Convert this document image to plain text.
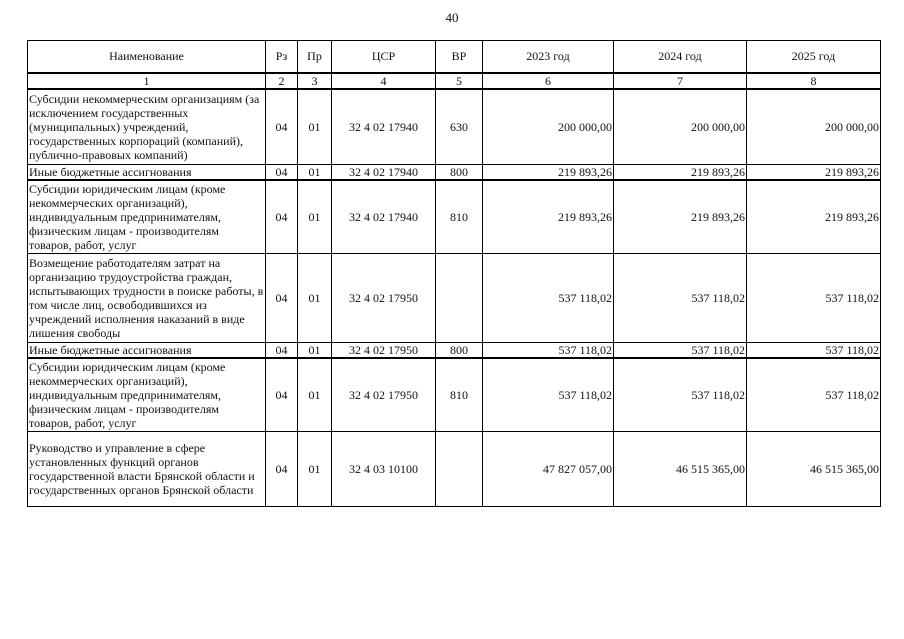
40
Наименование	Рз	Пр	ЦСР	ВР	2023 год	2024 год	2025 год
1	2	3	4	5	6	7	8
Субсидии некоммерческим организациям (за исключением государственных (муниципальных) учреждений, государственных корпораций (компаний), публично-правовых компаний)	04	01	32 4 02 17940	630	200 000,00	200 000,00	200 000,00
Иные бюджетные ассигнования	04	01	32 4 02 17940	800	219 893,26	219 893,26	219 893,26
Субсидии юридическим лицам (кроме некоммерческих организаций), индивидуальным предпринимателям, физическим лицам - производителям товаров, работ, услуг	04	01	32 4 02 17940	810	219 893,26	219 893,26	219 893,26
Возмещение работодателям затрат на организацию трудоустройства граждан, испытывающих трудности в поиске работы, в том числе лиц, освободившихся из учреждений исполнения наказаний в виде лишения свободы	04	01	32 4 02 17950		537 118,02	537 118,02	537 118,02
Иные бюджетные ассигнования	04	01	32 4 02 17950	800	537 118,02	537 118,02	537 118,02
Субсидии юридическим лицам (кроме некоммерческих организаций), индивидуальным предпринимателям, физическим лицам - производителям товаров, работ, услуг	04	01	32 4 02 17950	810	537 118,02	537 118,02	537 118,02
Руководство и управление в сфере установленных функций органов государственной власти Брянской области и государственных органов Брянской области	04	01	32 4 03 10100		47 827 057,00	46 515 365,00	46 515 365,00
